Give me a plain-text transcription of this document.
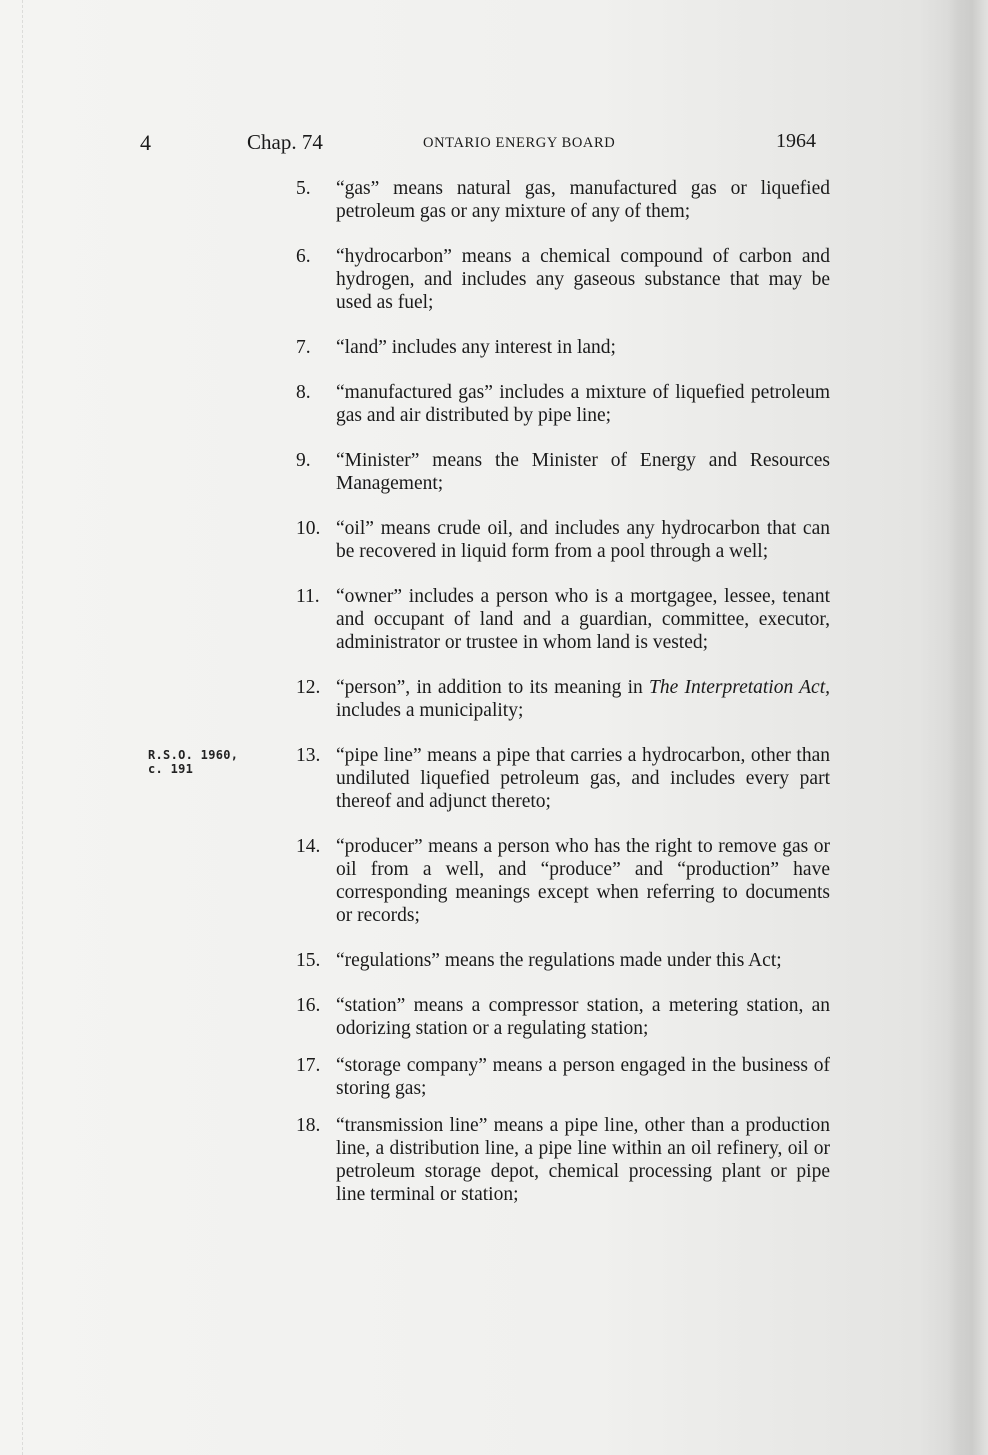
4	Chap. 74	ONTARIO ENERGY BOARD	1964
R.S.O. 1960,
c. 191
5.	“gas” means natural gas, manufactured gas or liquefied petroleum gas or any mixture of any of them;
6.	“hydrocarbon” means a chemical compound of carbon and hydrogen, and includes any gaseous substance that may be used as fuel;
7.	“land” includes any interest in land;
8.	“manufactured gas” includes a mixture of liquefied petroleum gas and air distributed by pipe line;
9.	“Minister” means the Minister of Energy and Resources Management;
10. “oil” means crude oil, and includes any hydrocarbon that can be recovered in liquid form from a pool through a well;
11. “owner” includes a person who is a mortgagee, lessee, tenant and occupant of land and a guardian, committee, executor, administrator or trustee in whom land is vested;
12. “person”, in addition to its meaning in The Interpretation Act, includes a municipality;
13. “pipe line” means a pipe that carries a hydrocarbon, other than undiluted liquefied petroleum gas, and includes every part thereof and adjunct thereto;
14. “producer” means a person who has the right to remove gas or oil from a well, and “produce” and “production” have corresponding meanings except when referring to documents or records;
15. “regulations” means the regulations made under this Act;
16. “station” means a compressor station, a metering station, an odorizing station or a regulating station;
17. “storage company” means a person engaged in the business of storing gas;
18. “transmission line” means a pipe line, other than a production line, a distribution line, a pipe line within an oil refinery, oil or petroleum storage depot, chemical processing plant or pipe line terminal or station;
